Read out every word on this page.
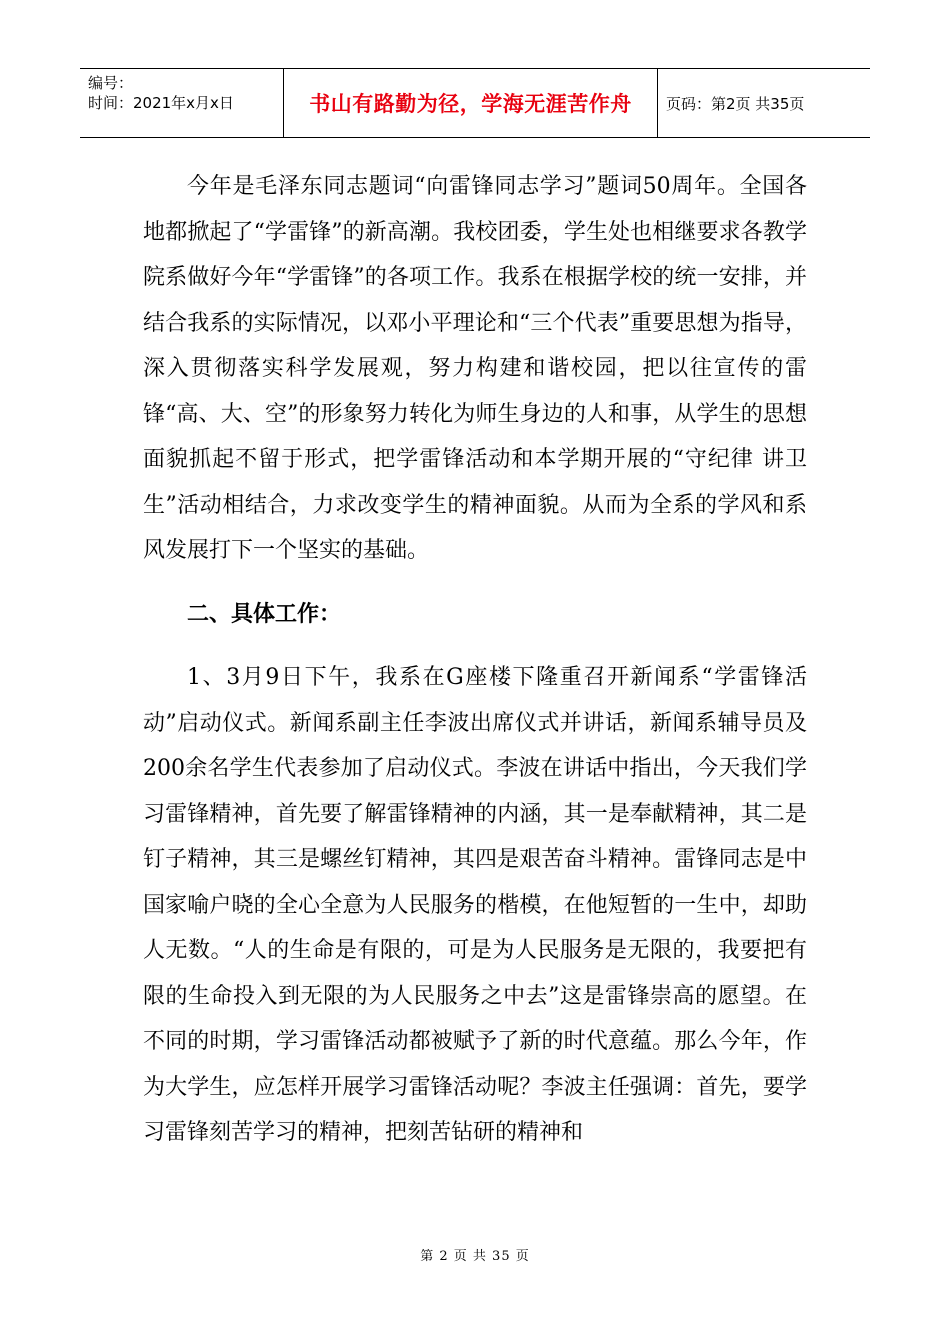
编号：
时间：2021年x月x日	书山有路勤为径，学海无涯苦作舟	页码：第2页 共35页

今年是毛泽东同志题词“向雷锋同志学习”题词50周年。全国各地都掀起了“学雷锋”的新高潮。我校团委，学生处也相继要求各教学院系做好今年“学雷锋”的各项工作。我系在根据学校的统一安排，并结合我系的实际情况，以邓小平理论和“三个代表”重要思想为指导，深入贯彻落实科学发展观，努力构建和谐校园，把以往宣传的雷锋“高、大、空”的形象努力转化为师生身边的人和事，从学生的思想面貌抓起不留于形式，把学雷锋活动和本学期开展的“守纪律 讲卫生”活动相结合，力求改变学生的精神面貌。从而为全系的学风和系风发展打下一个坚实的基础。

二、具体工作：

1、3月9日下午，我系在G座楼下隆重召开新闻系“学雷锋活动”启动仪式。新闻系副主任李波出席仪式并讲话，新闻系辅导员及200余名学生代表参加了启动仪式。李波在讲话中指出，今天我们学习雷锋精神，首先要了解雷锋精神的内涵，其一是奉献精神，其二是钉子精神，其三是螺丝钉精神，其四是艰苦奋斗精神。雷锋同志是中国家喻户晓的全心全意为人民服务的楷模，在他短暂的一生中，却助人无数。“人的生命是有限的，可是为人民服务是无限的，我要把有限的生命投入到无限的为人民服务之中去”这是雷锋崇高的愿望。在不同的时期，学习雷锋活动都被赋予了新的时代意蕴。那么今年，作为大学生，应怎样开展学习雷锋活动呢？李波主任强调：首先，要学习雷锋刻苦学习的精神，把刻苦钻研的精神和

第 2 页 共 35 页
